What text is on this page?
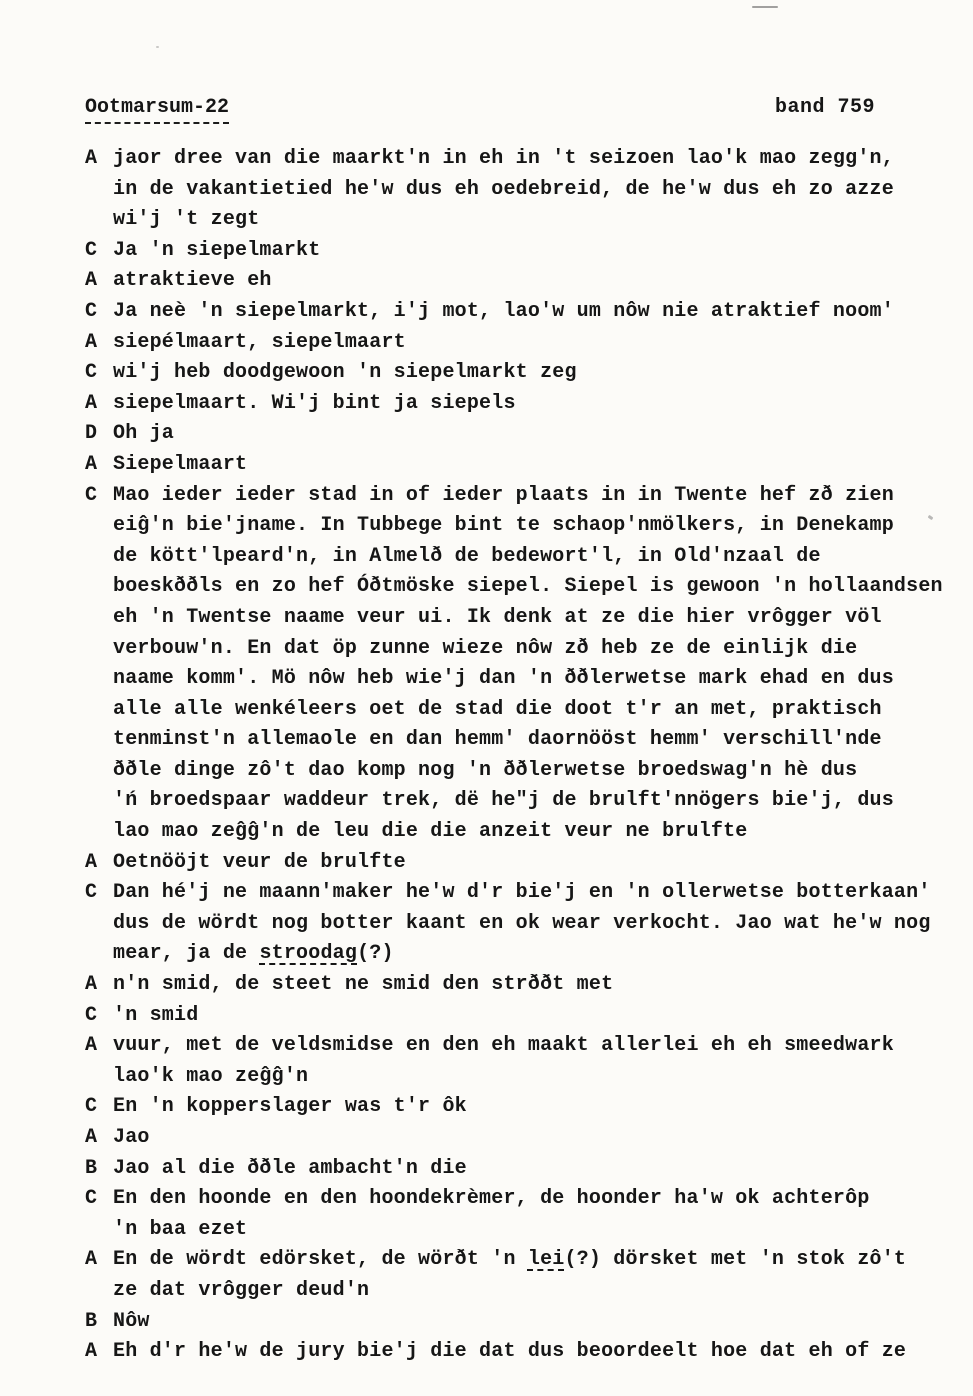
Ootmarsum-22	band 759
A jaor dree van die maarkt'n in eh in 't seizoen lao'k mao zegg'n,
in de vakantietied he'w dus eh oedebreid, de he'w dus eh zo azze
wi'j 't zegt
C Ja 'n siepelmarkt
A atraktieve eh
C Ja neè 'n siepelmarkt, i'j mot, lao'w um nôw nie atraktief noom'
A siepélmaart, siepelmaart
C wi'j heb doodgewoon 'n siepelmarkt zeg
A siepelmaart. Wi'j bint ja siepels
D Oh ja
A Siepelmaart
C Mao ieder ieder stad in of ieder plaats in in Twente hef zð zien
eiĝ'n bie'jname. In Tubbege bint te schaop'nmölkers, in Denekamp
de kött'lpeard'n, in Almelð de bedewort'l, in Old'nzaal de
boeskððls en zo hef Óðtmöske siepel. Siepel is gewoon 'n hollaandsen
eh 'n Twentse naame veur ui. Ik denk at ze die hier vrôgger völ
verbouw'n. En dat öp zunne wieze nôw zð heb ze de einlijk die
naame komm'. Mö nôw heb wie'j dan 'n ððlerwetse mark ehad en dus
alle alle wenkéleers oet de stad die doot t'r an met, praktisch
tenminst'n allemaole en dan hemm' daornööst hemm' verschill'nde
ððle dinge zô't dao komp nog 'n ððlerwetse broedswag'n hè dus
'ń broedspaar waddeur trek, dë he"j de brulft'nnögers bie'j, dus
lao mao zeĝĝ'n de leu die die anzeit veur ne brulfte
A Oetnööjt veur de brulfte
C Dan hé'j ne maann'maker he'w d'r bie'j en 'n ollerwetse botterkaan'
dus de wördt nog botter kaant en ok wear verkocht. Jao wat he'w nog
mear, ja de stroodag(?)
A n'n smid, de steet ne smid den strððt met
C 'n smid
A vuur, met de veldsmidse en den eh maakt allerlei eh eh smeedwark
lao'k mao zeĝĝ'n
C En 'n kopperslager was t'r ôk
A Jao
B Jao al die ððle ambacht'n die
C En den hoonde en den hoondekrèmer, de hoonder ha'w ok achterôp
'n baa ezet
A En de wördt edörsket, de wörðt 'n lei(?) dörsket met 'n stok zô't
ze dat vrôgger deud'n
B Nôw
A Eh d'r he'w de jury bie'j die dat dus beoordeelt hoe dat eh of ze
